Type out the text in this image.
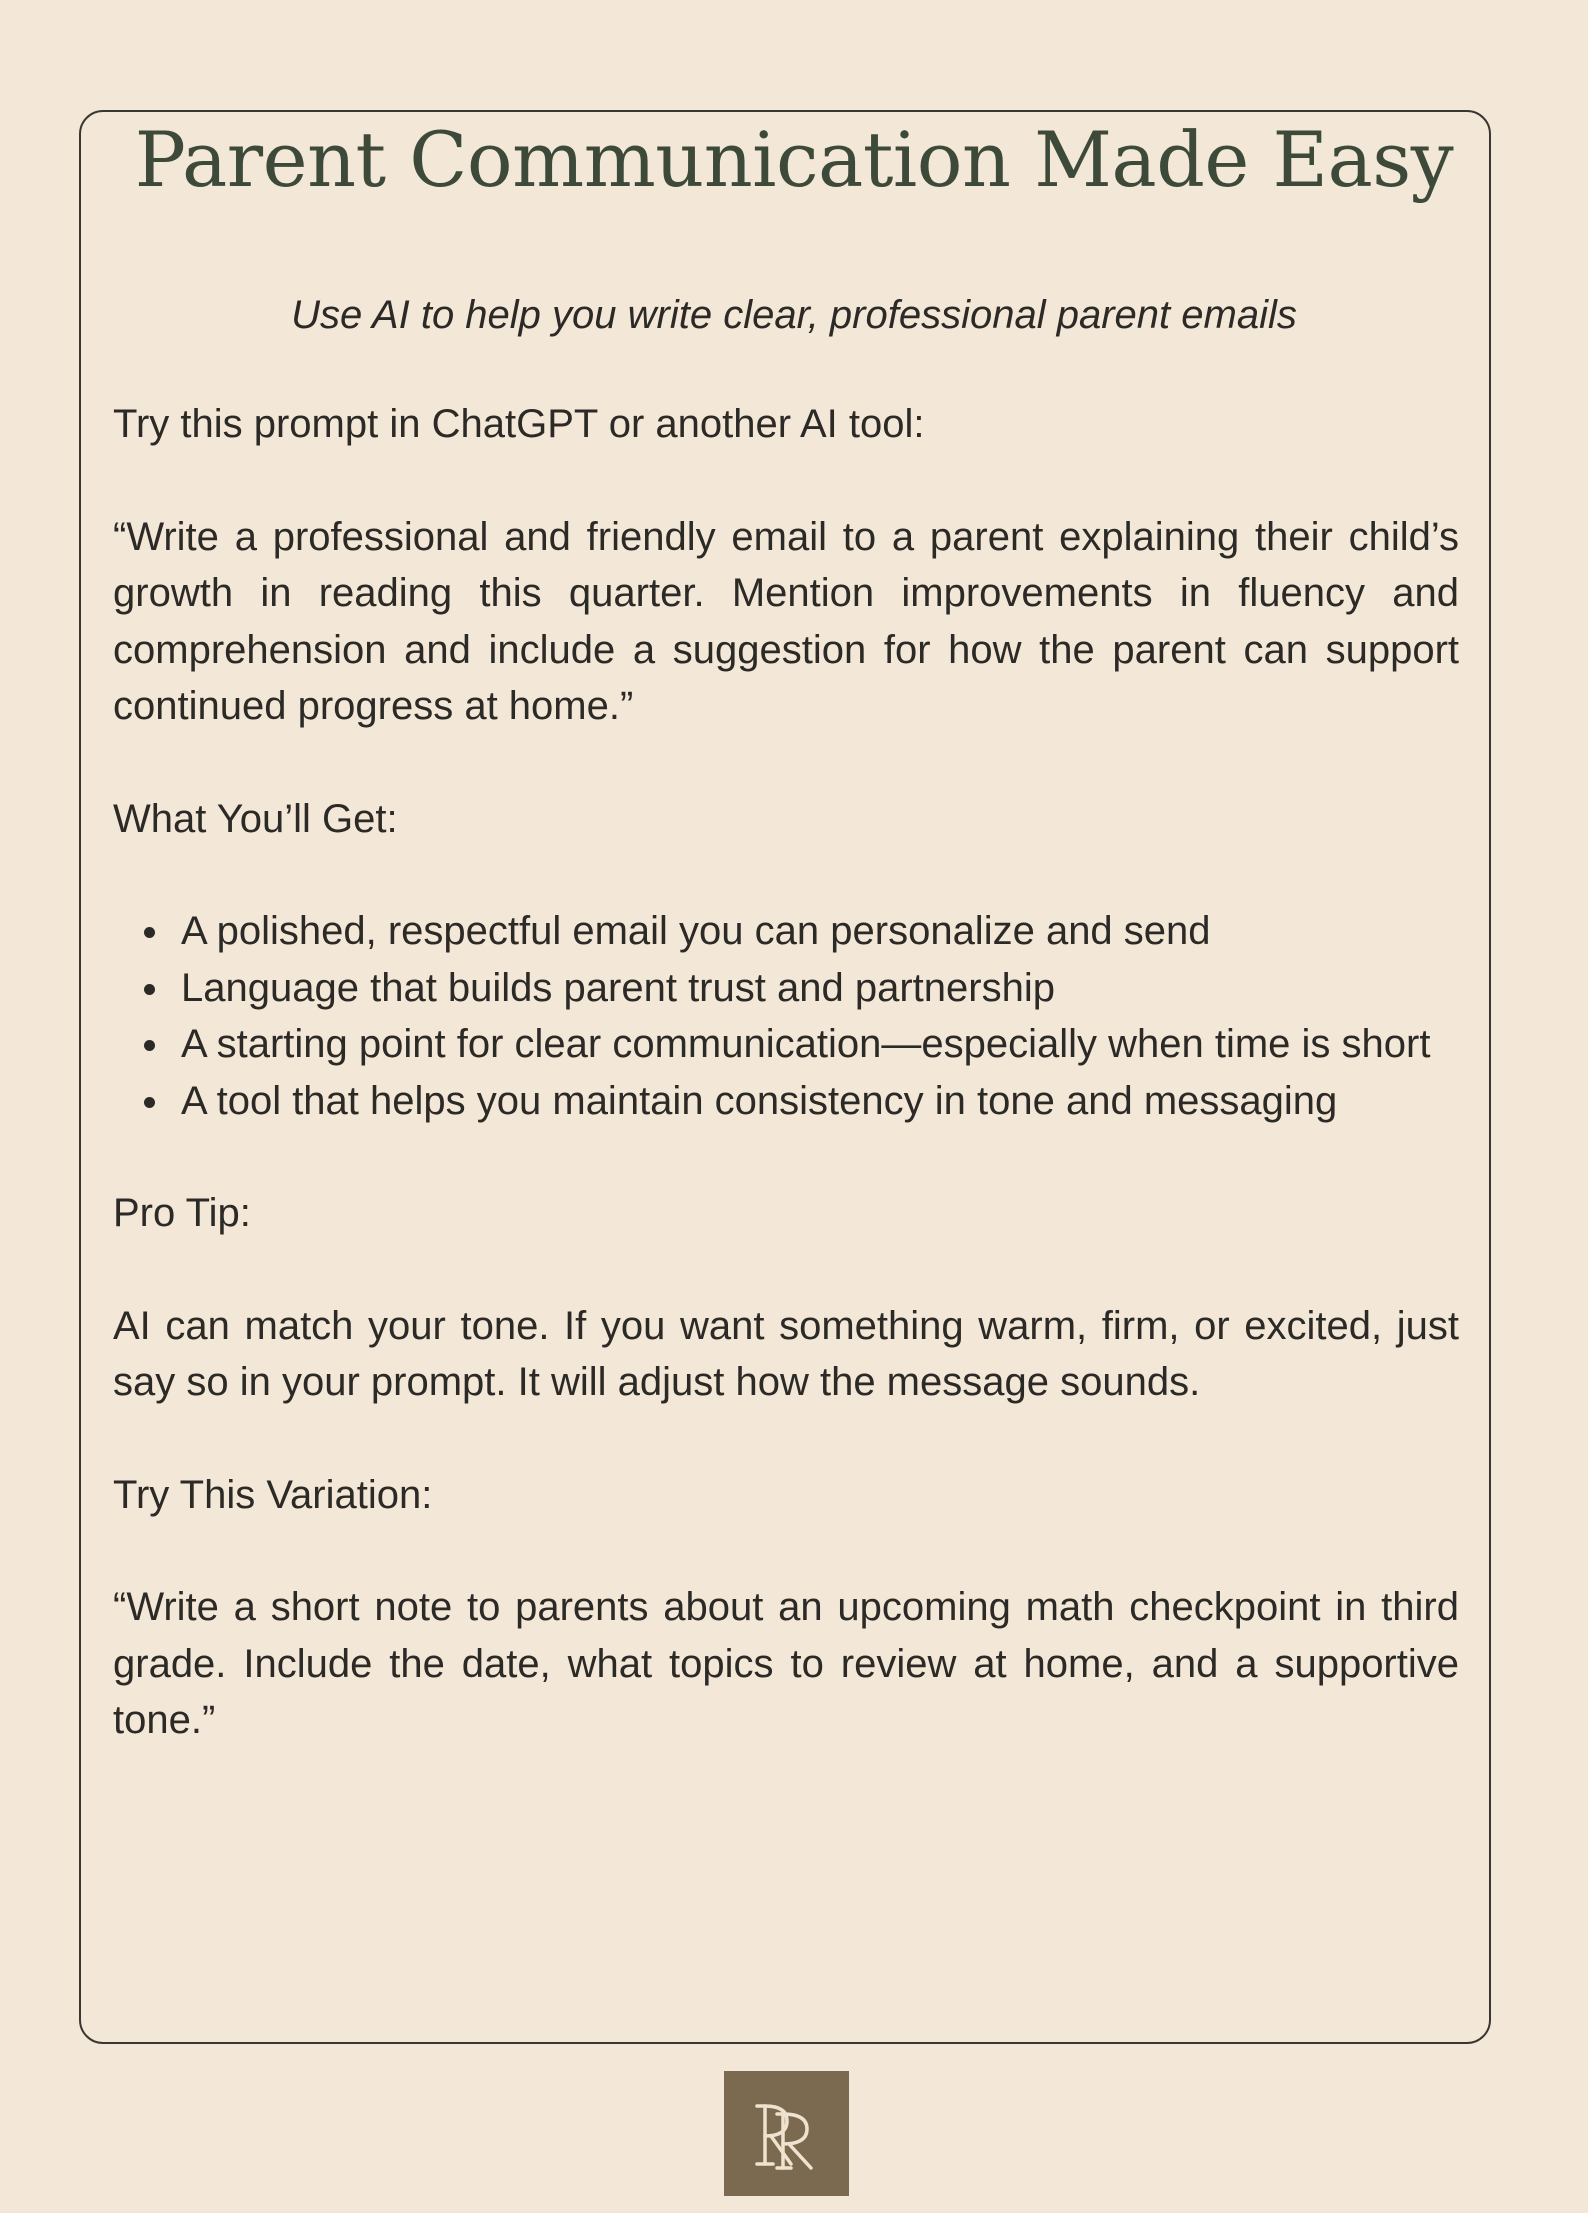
Parent Communication Made Easy

Use AI to help you write clear, professional parent emails

Try this prompt in ChatGPT or another AI tool:

“Write a professional and friendly email to a parent explaining their child’s growth in reading this quarter. Mention improvements in fluency and comprehension and include a suggestion for how the parent can support continued progress at home.”

What You’ll Get:

A polished, respectful email you can personalize and send
Language that builds parent trust and partnership
A starting point for clear communication—especially when time is short
A tool that helps you maintain consistency in tone and messaging

Pro Tip:

AI can match your tone. If you want something warm, firm, or excited, just say so in your prompt. It will adjust how the message sounds.

Try This Variation:

“Write a short note to parents about an upcoming math checkpoint in third grade. Include the date, what topics to review at home, and a supportive tone.”
